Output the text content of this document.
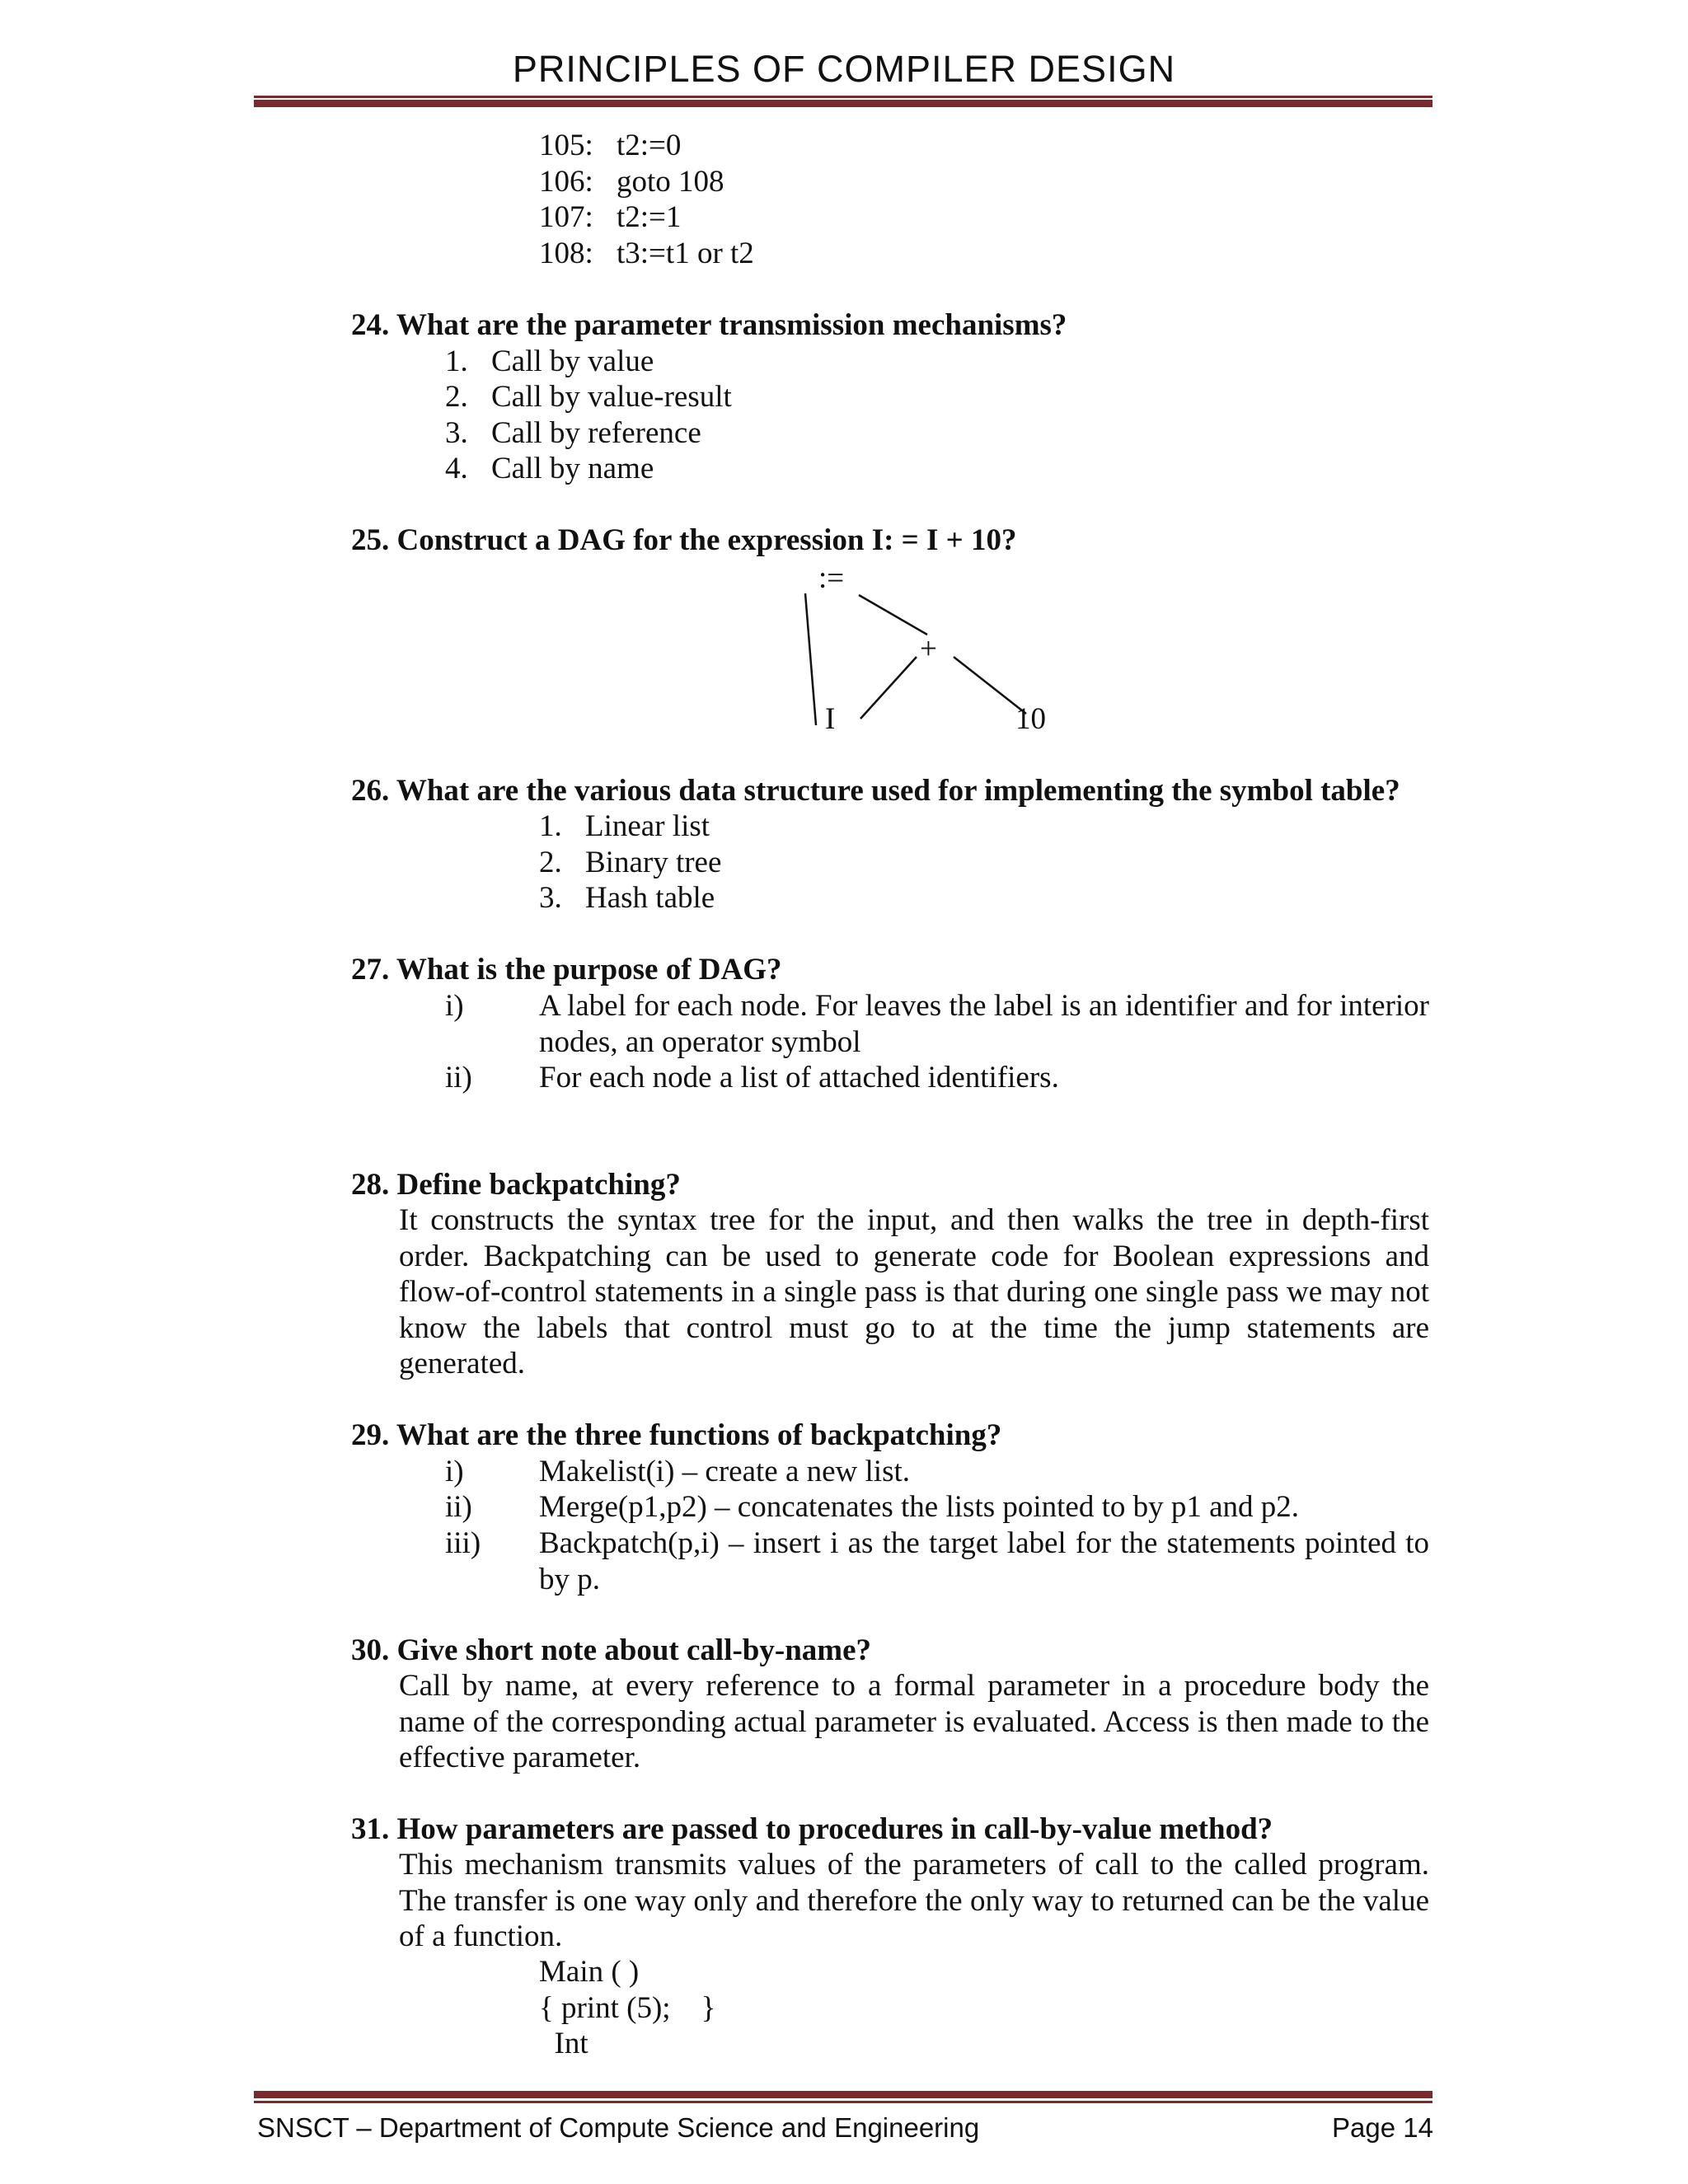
PRINCIPLES OF COMPILER DESIGN
105: t2:=0
106: goto 108
107: t2:=1
108: t3:=t1 or t2
24. What are the parameter transmission mechanisms?
1. Call by value
2. Call by value-result
3. Call by reference
4. Call by name
25. Construct a DAG for the expression I: = I + 10?
:=
+
I	10
26. What are the various data structure used for implementing the symbol table?
1. Linear list
2. Binary tree
3. Hash table
27. What is the purpose of DAG?
i) A label for each node. For leaves the label is an identifier and for interior nodes, an operator symbol
ii) For each node a list of attached identifiers.
28. Define backpatching?
It constructs the syntax tree for the input, and then walks the tree in depth-first order. Backpatching can be used to generate code for Boolean expressions and flow-of-control statements in a single pass is that during one single pass we may not know the labels that control must go to at the time the jump statements are generated.
29. What are the three functions of backpatching?
i) Makelist(i) – create a new list.
ii) Merge(p1,p2) – concatenates the lists pointed to by p1 and p2.
iii) Backpatch(p,i) – insert i as the target label for the statements pointed to by p.
30. Give short note about call-by-name?
Call by name, at every reference to a formal parameter in a procedure body the name of the corresponding actual parameter is evaluated. Access is then made to the effective parameter.
31. How parameters are passed to procedures in call-by-value method?
This mechanism transmits values of the parameters of call to the called program. The transfer is one way only and therefore the only way to returned can be the value of a function.
Main ( )
{ print (5);    }
Int
SNSCT – Department of Compute Science and Engineering	Page 14
